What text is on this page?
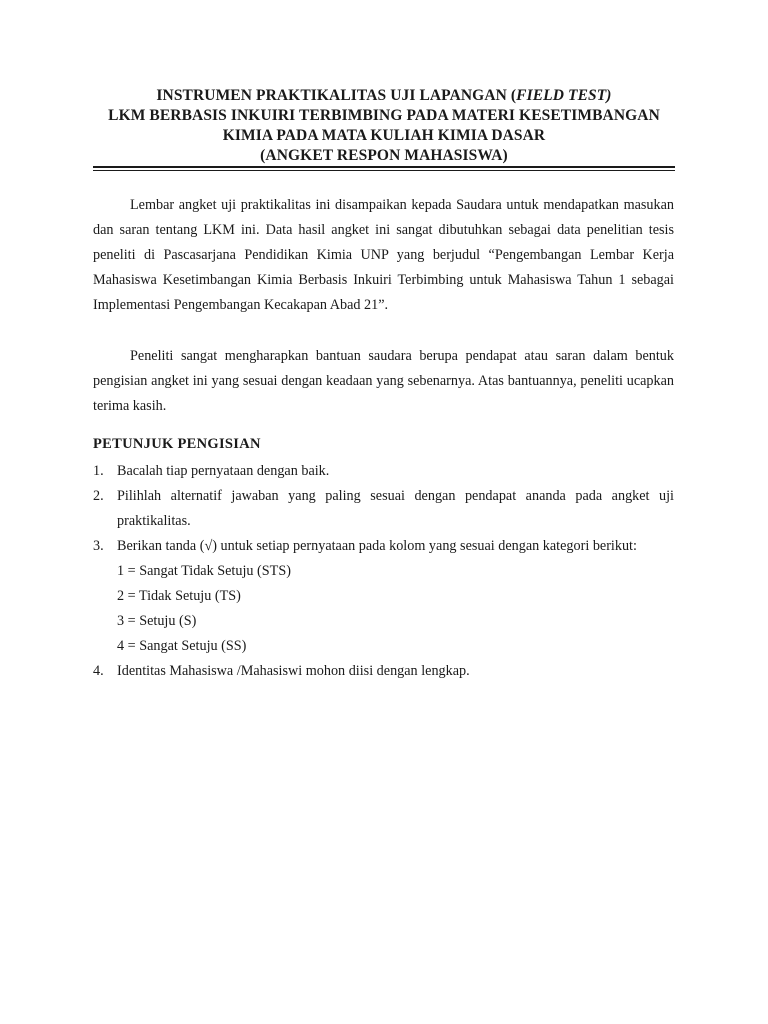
INSTRUMEN PRAKTIKALITAS UJI LAPANGAN (FIELD TEST)
LKM BERBASIS INKUIRI TERBIMBING PADA MATERI KESETIMBANGAN
KIMIA PADA MATA KULIAH KIMIA DASAR
(ANGKET RESPON MAHASISWA)
Lembar angket uji praktikalitas ini disampaikan kepada Saudara untuk mendapatkan masukan dan saran tentang LKM ini. Data hasil angket ini sangat dibutuhkan sebagai data penelitian tesis peneliti di Pascasarjana Pendidikan Kimia UNP yang berjudul “Pengembangan Lembar Kerja Mahasiswa Kesetimbangan Kimia Berbasis Inkuiri Terbimbing untuk Mahasiswa Tahun 1 sebagai Implementasi Pengembangan Kecakapan Abad 21”.
Peneliti sangat mengharapkan bantuan saudara berupa pendapat atau saran dalam bentuk pengisian angket ini yang sesuai dengan keadaan yang sebenarnya. Atas bantuannya, peneliti ucapkan terima kasih.
PETUNJUK PENGISIAN
1. Bacalah tiap pernyataan dengan baik.
2. Pilihlah alternatif jawaban yang paling sesuai dengan pendapat ananda pada angket uji praktikalitas.
3. Berikan tanda (√) untuk setiap pernyataan pada kolom yang sesuai dengan kategori berikut:
1 = Sangat Tidak Setuju (STS)
2 = Tidak Setuju (TS)
3 = Setuju (S)
4 = Sangat Setuju (SS)
4. Identitas Mahasiswa /Mahasiswi mohon diisi dengan lengkap.
